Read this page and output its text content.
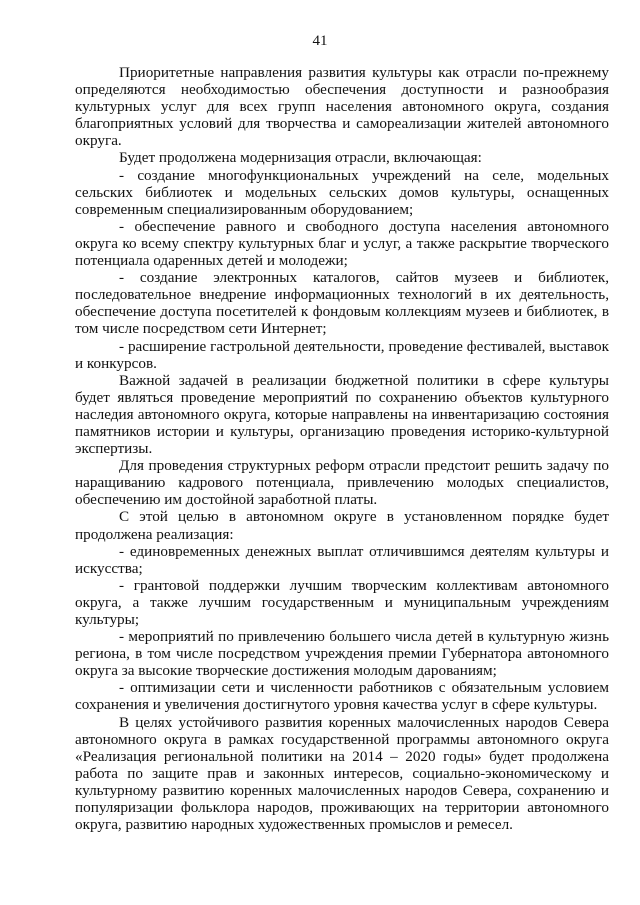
41

Приоритетные направления развития культуры как отрасли по-прежнему определяются необходимостью обеспечения доступности и разнообразия культурных услуг для всех групп населения автономного округа, создания благоприятных условий для творчества и самореализации жителей автономного округа.

Будет продолжена модернизация отрасли, включающая:

- создание многофункциональных учреждений на селе, модельных сельских библиотек и модельных сельских домов культуры, оснащенных современным специализированным оборудованием;

- обеспечение равного и свободного доступа населения автономного округа ко всему спектру культурных благ и услуг, а также раскрытие творческого потенциала одаренных детей и молодежи;

- создание электронных каталогов, сайтов музеев и библиотек, последовательное внедрение информационных технологий в их деятельность, обеспечение доступа посетителей к фондовым коллекциям музеев и библиотек, в том числе посредством сети Интернет;

- расширение гастрольной деятельности, проведение фестивалей, выставок и конкурсов.

Важной задачей в реализации бюджетной политики в сфере культуры будет являться проведение мероприятий по сохранению объектов культурного наследия автономного округа, которые направлены на инвентаризацию состояния памятников истории и культуры, организацию проведения историко-культурной экспертизы.

Для проведения структурных реформ отрасли предстоит решить задачу по наращиванию кадрового потенциала, привлечению молодых специалистов, обеспечению им достойной заработной платы.

С этой целью в автономном округе в установленном порядке будет продолжена реализация:

- единовременных денежных выплат отличившимся деятелям культуры и искусства;

- грантовой поддержки лучшим творческим коллективам автономного округа, а также лучшим государственным и муниципальным учреждениям культуры;

- мероприятий по привлечению большего числа детей в культурную жизнь региона, в том числе посредством учреждения премии Губернатора автономного округа за высокие творческие достижения молодым дарованиям;

- оптимизации сети и численности работников с обязательным условием сохранения и увеличения достигнутого уровня качества услуг в сфере культуры.

В целях устойчивого развития коренных малочисленных народов Севера автономного округа в рамках государственной программы автономного округа «Реализация региональной политики на 2014 – 2020 годы» будет продолжена работа по защите прав и законных интересов, социально-экономическому и культурному развитию коренных малочисленных народов Севера, сохранению и популяризации фольклора народов, проживающих на территории автономного округа, развитию народных художественных промыслов и ремесел.
